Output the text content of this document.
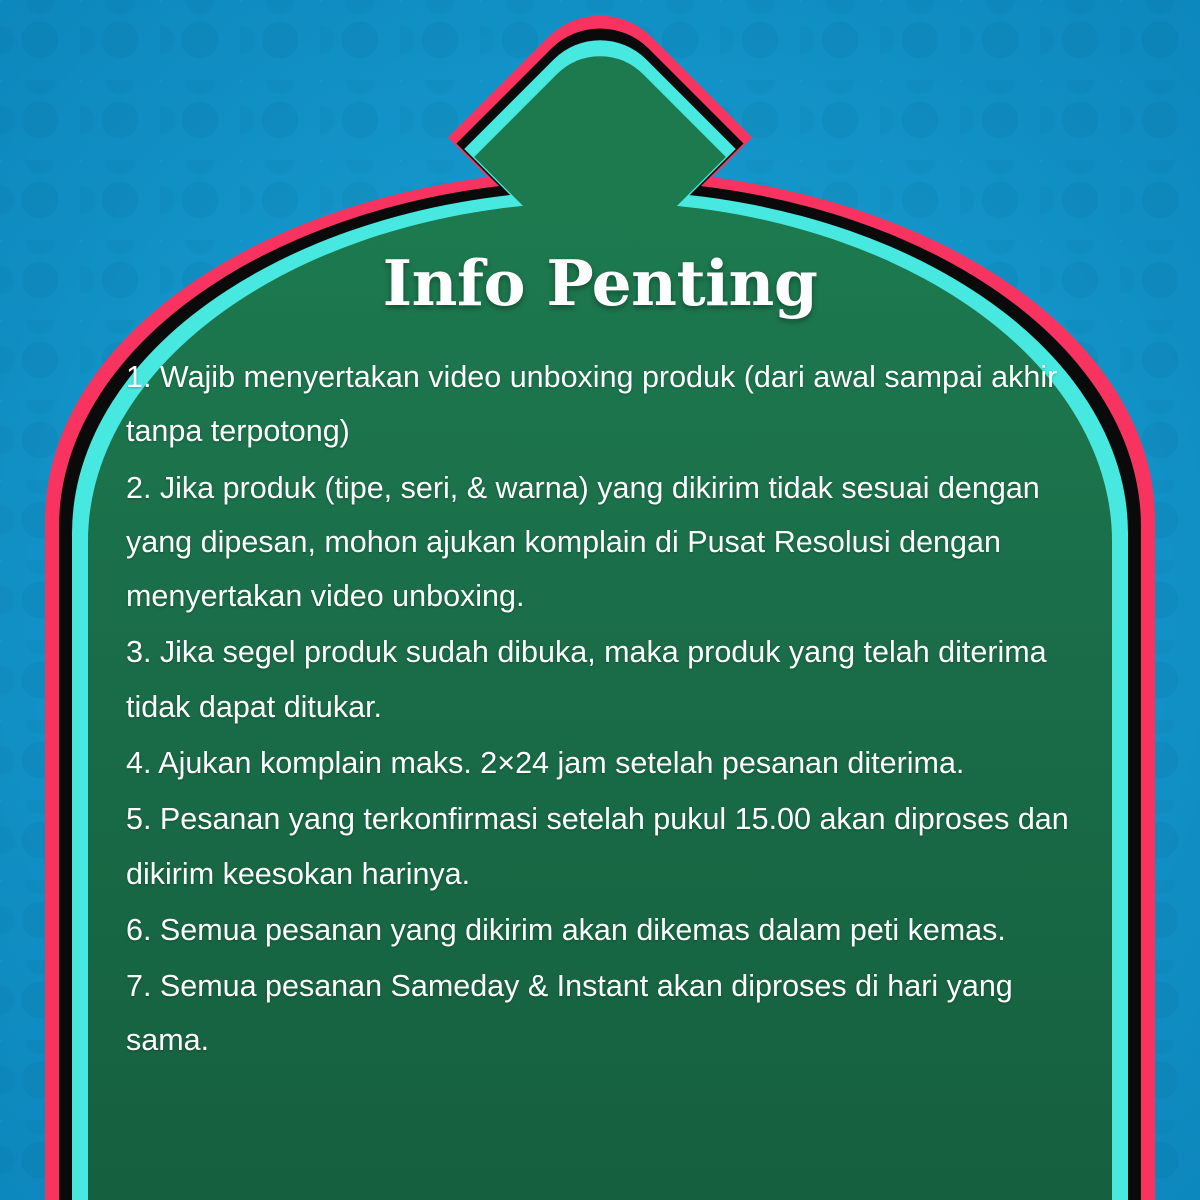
Info Penting
1. Wajib menyertakan video unboxing produk (dari awal sampai akhir tanpa terpotong)
2. Jika produk (tipe, seri, & warna) yang dikirim tidak sesuai dengan yang dipesan, mohon ajukan komplain di Pusat Resolusi dengan menyertakan video unboxing.
3. Jika segel produk sudah dibuka, maka produk yang telah diterima tidak dapat ditukar.
4. Ajukan komplain maks. 2×24 jam setelah pesanan diterima.
5. Pesanan yang terkonfirmasi setelah pukul 15.00 akan diproses dan dikirim keesokan harinya.
6. Semua pesanan yang dikirim akan dikemas dalam peti kemas.
7. Semua pesanan Sameday & Instant akan diproses di hari yang sama.
